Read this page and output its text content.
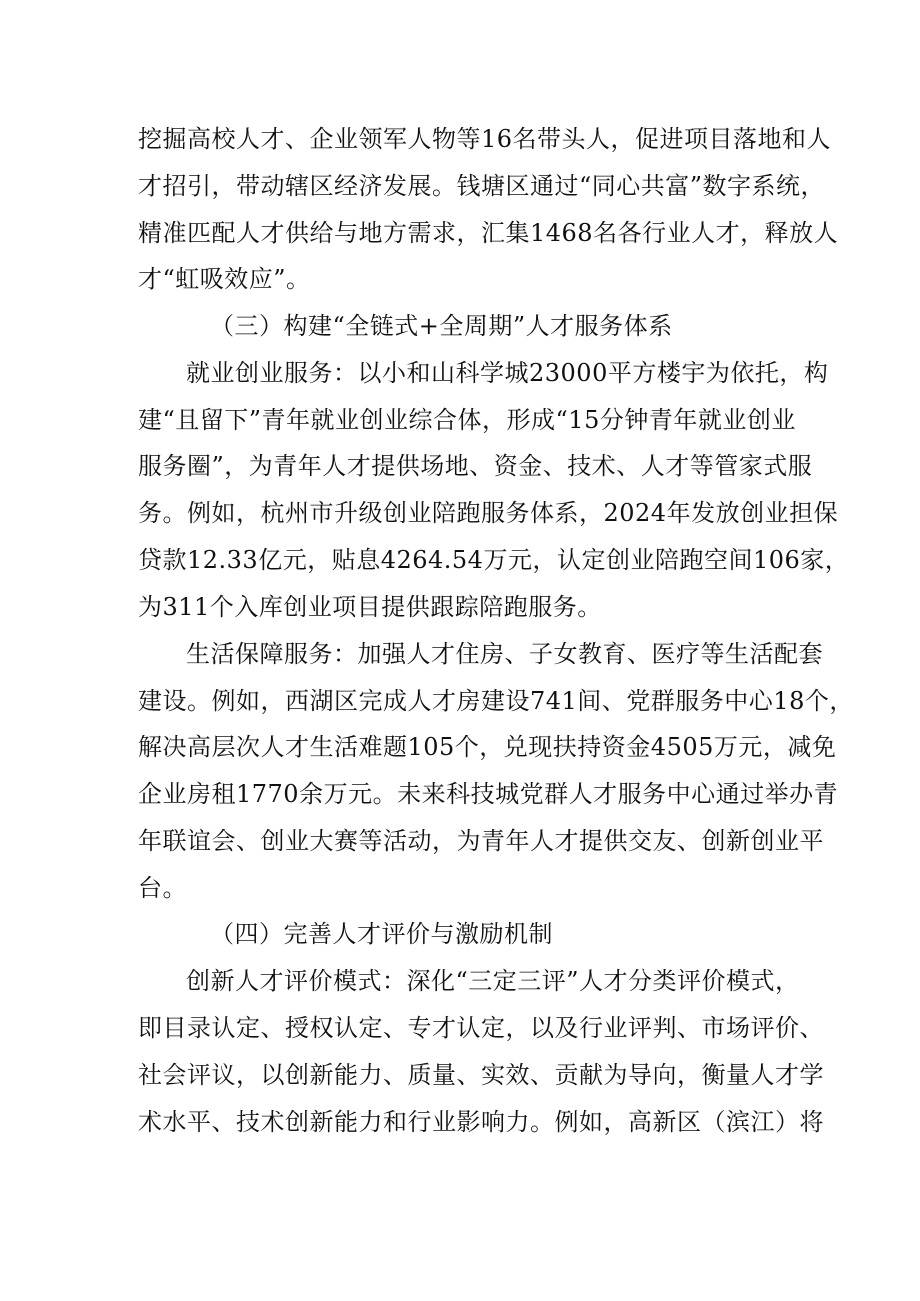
挖掘高校人才、企业领军人物等16名带头人，促进项目落地和人
才招引，带动辖区经济发展。钱塘区通过“同心共富”数字系统，
精准匹配人才供给与地方需求，汇集1468名各行业人才，释放人
才“虹吸效应”。
（三）构建“全链式+全周期”人才服务体系
就业创业服务：以小和山科学城23000平方楼宇为依托，构
建“且留下”青年就业创业综合体，形成“15分钟青年就业创业
服务圈”，为青年人才提供场地、资金、技术、人才等管家式服
务。例如，杭州市升级创业陪跑服务体系，2024年发放创业担保
贷款12.33亿元，贴息4264.54万元，认定创业陪跑空间106家，
为311个入库创业项目提供跟踪陪跑服务。
生活保障服务：加强人才住房、子女教育、医疗等生活配套
建设。例如，西湖区完成人才房建设741间、党群服务中心18个，
解决高层次人才生活难题105个，兑现扶持资金4505万元，减免
企业房租1770余万元。未来科技城党群人才服务中心通过举办青
年联谊会、创业大赛等活动，为青年人才提供交友、创新创业平
台。
（四）完善人才评价与激励机制
创新人才评价模式：深化“三定三评”人才分类评价模式，
即目录认定、授权认定、专才认定，以及行业评判、市场评价、
社会评议，以创新能力、质量、实效、贡献为导向，衡量人才学
术水平、技术创新能力和行业影响力。例如，高新区（滨江）将
